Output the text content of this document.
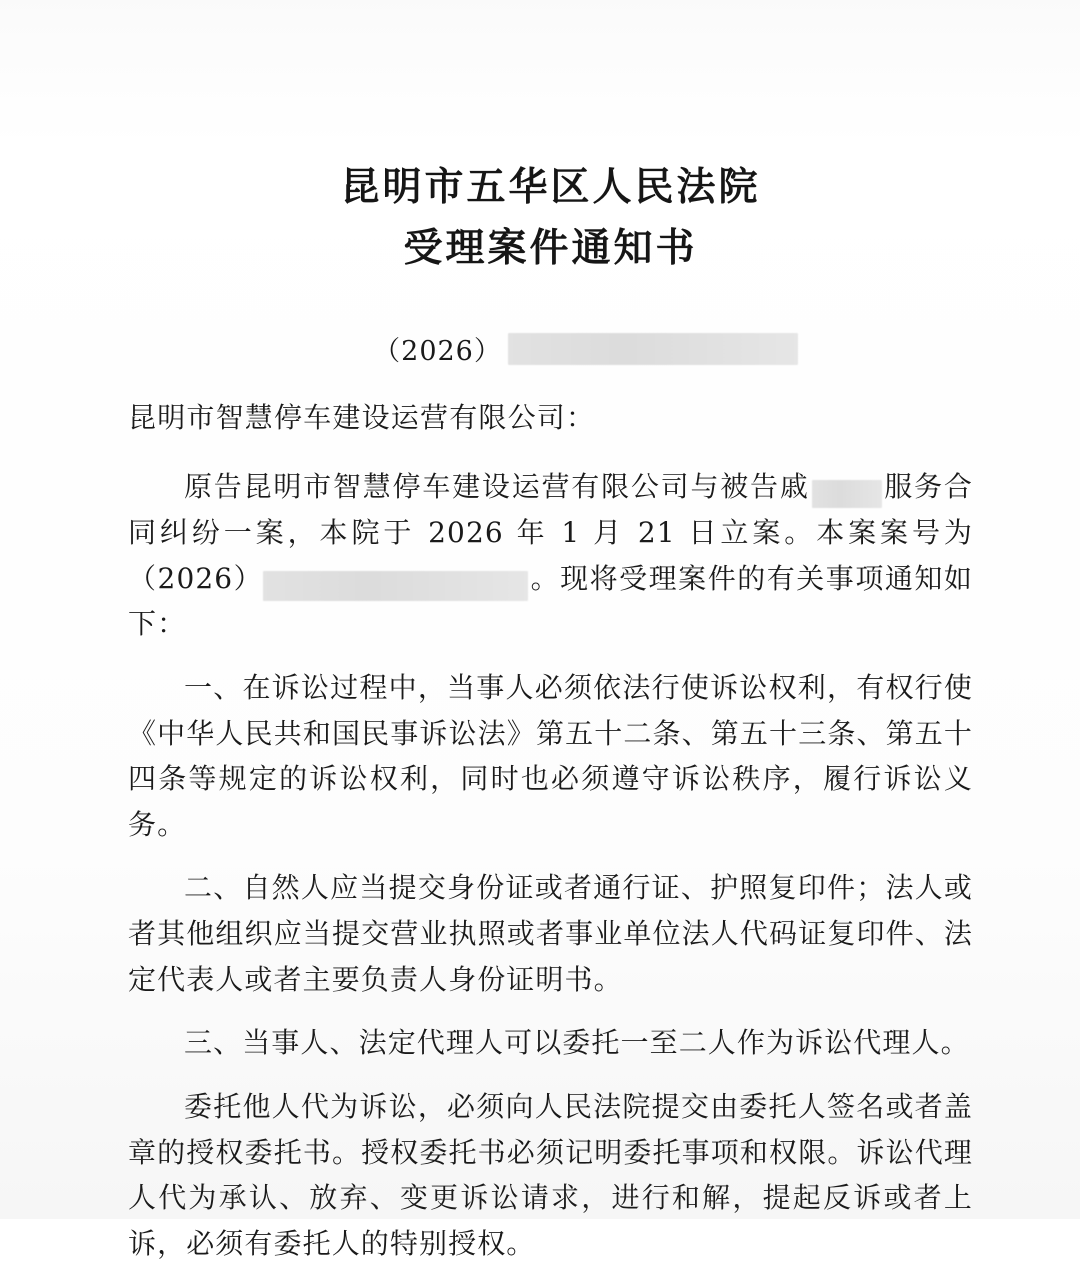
昆明市五华区人民法院
受理案件通知书
（2026）
昆明市智慧停车建设运营有限公司：
原告昆明市智慧停车建设运营有限公司与被告戚	服务合同纠纷一案，本院于 2026 年 1 月 21 日立案。本案案号为（2026）	。现将受理案件的有关事项通知如下：
一、在诉讼过程中，当事人必须依法行使诉讼权利，有权行使《中华人民共和国民事诉讼法》第五十二条、第五十三条、第五十四条等规定的诉讼权利，同时也必须遵守诉讼秩序，履行诉讼义务。
二、自然人应当提交身份证或者通行证、护照复印件；法人或者其他组织应当提交营业执照或者事业单位法人代码证复印件、法定代表人或者主要负责人身份证明书。
三、当事人、法定代理人可以委托一至二人作为诉讼代理人。
委托他人代为诉讼，必须向人民法院提交由委托人签名或者盖章的授权委托书。授权委托书必须记明委托事项和权限。诉讼代理人代为承认、放弃、变更诉讼请求，进行和解，提起反诉或者上诉，必须有委托人的特别授权。
